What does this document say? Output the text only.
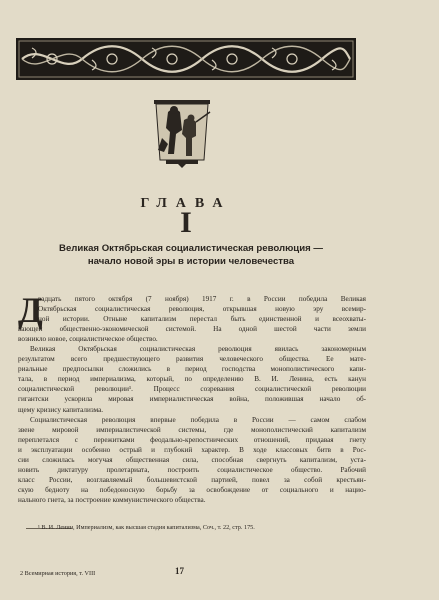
ГЛАВА
I
Великая Октябрьская социалистическая революция —
начало новой эры в истории человечества
Д
вадцать пятого октября (7 ноября) 1917 г. в России победила Великая
Октябрьская социалистическая революция, открывшая новую эру всемир-
ной истории. Отныне капитализм перестал быть единственной и всеохваты-
вающей общественно-экономической системой. На одной шестой части земли
возникло новое, социалистическое общество.
Великая Октябрьская социалистическая революция явилась закономерным
результатом всего предшествующего развития человеческого общества. Ее мате-
риальные предпосылки сложились в период господства монополистического капи-
тала, в период империализма, который, по определению В. И. Ленина, есть канун
социалистической революции¹. Процесс созревания социалистической революции
гигантски ускорила мировая империалистическая война, положившая начало об-
щему кризису капитализма.
Социалистическая революция впервые победила в России — самом слабом
звене мировой империалистической системы, где монополистический капитализм
переплетался с пережитками феодально-крепостнических отношений, придавая гнету
и эксплуатации особенно острый и глубокий характер. В ходе классовых битв в Рос-
сии сложилась могучая общественная сила, способная свергнуть капитализм, уста-
новить диктатуру пролетариата, построить социалистическое общество. Рабочий
класс России, возглавляемый большевистской партией, повел за собой крестьян-
скую бедноту на победоносную борьбу за освобождение от социального и нацио-
нального гнета, за построение коммунистического общества.
¹ В. И. Ленин, Империализм, как высшая стадия капитализма, Соч., т. 22, стр. 175.
2 Всемирная история, т. VIII	17
